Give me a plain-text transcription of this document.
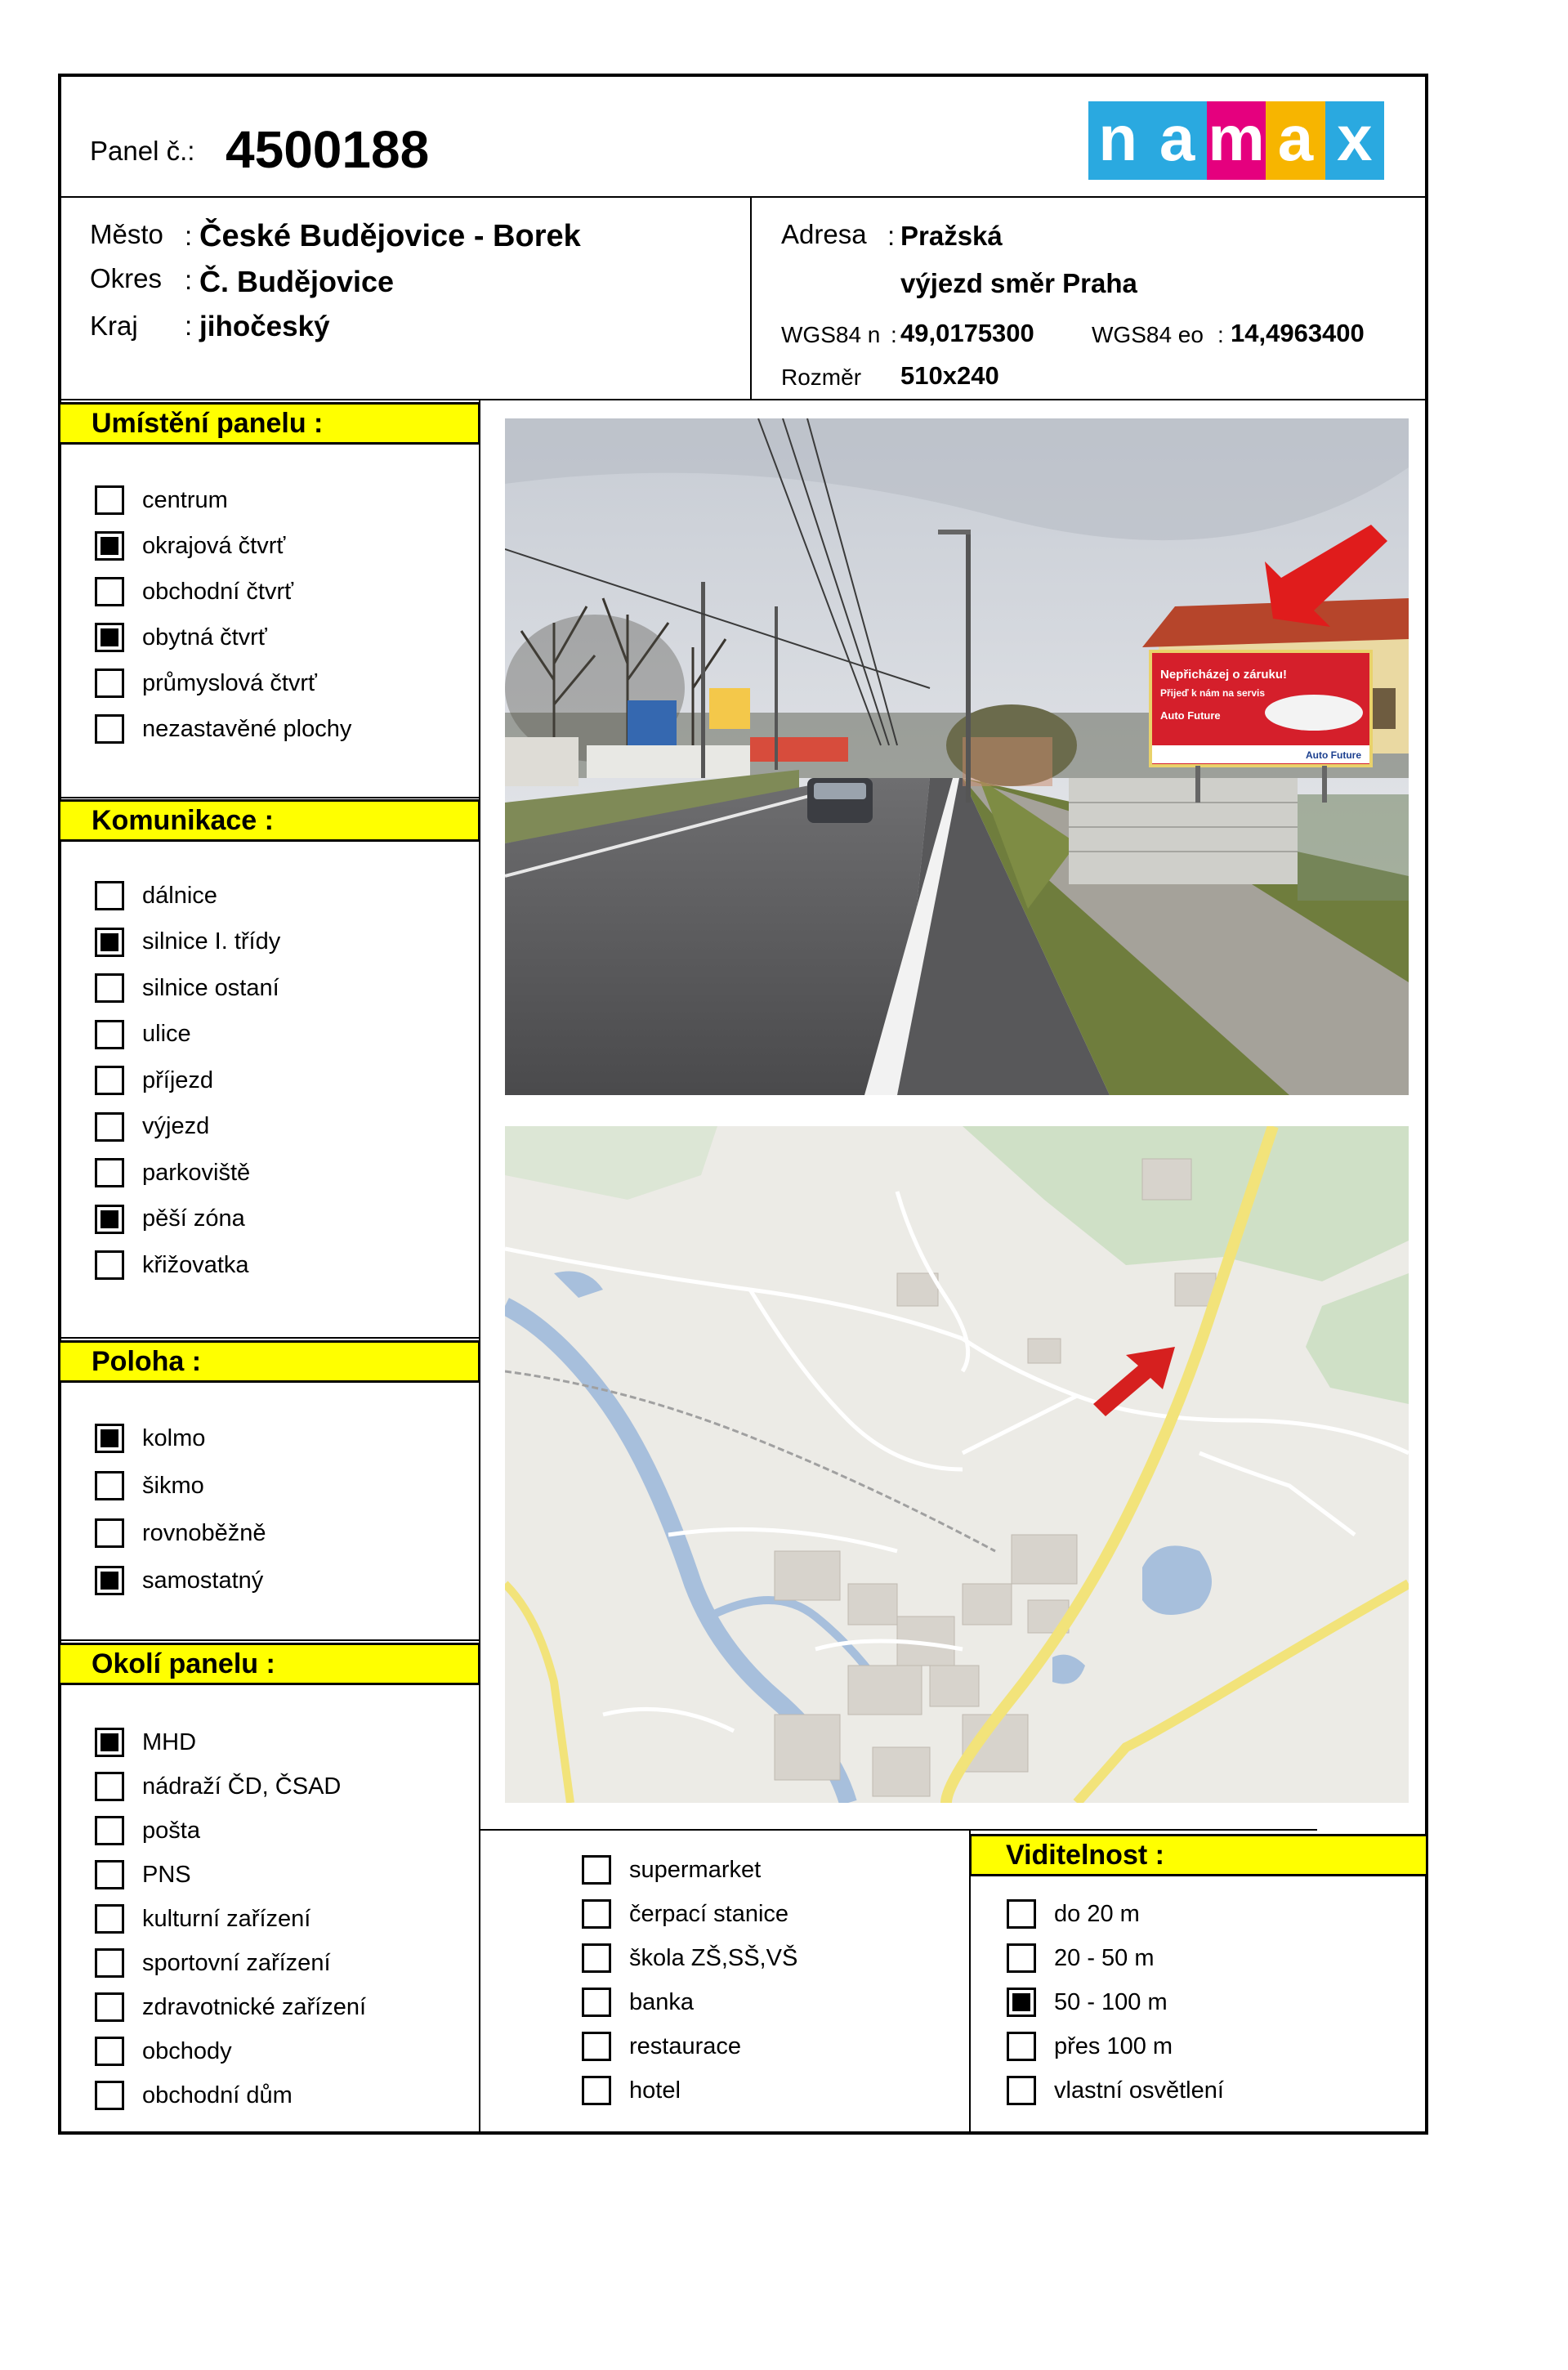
Panel č.: 4500188	n a m a x
Město : České Budějovice - Borek
Okres : Č. Budějovice
Kraj : jihočeský
Adresa : Pražská
výjezd směr Praha
WGS84 n : 49,0175300	WGS84 eo : 14,4963400
Rozměr 510x240
Umístění panelu :
centrum
okrajová čtvrť
obchodní čtvrť
obytná čtvrť
průmyslová čtvrť
nezastavěné plochy
Komunikace :
dálnice
silnice I. třídy
silnice ostaní
ulice
příjezd
výjezd
parkoviště
pěší zóna
křižovatka
Poloha :
kolmo
šikmo
rovnoběžně
samostatný
Okolí panelu :
MHD
nádraží ČD, ČSAD
pošta
PNS
kulturní zařízení
sportovní zařízení
zdravotnické zařízení
obchody
obchodní dům
supermarket
čerpací stanice
škola ZŠ,SŠ,VŠ
banka
restaurace
hotel
Viditelnost :
do 20 m
20 - 50 m
50 - 100 m
přes 100 m
vlastní osvětlení
Nepřicházej o záruku!
Přijeď k nám na servis
Auto Future
Auto Future
